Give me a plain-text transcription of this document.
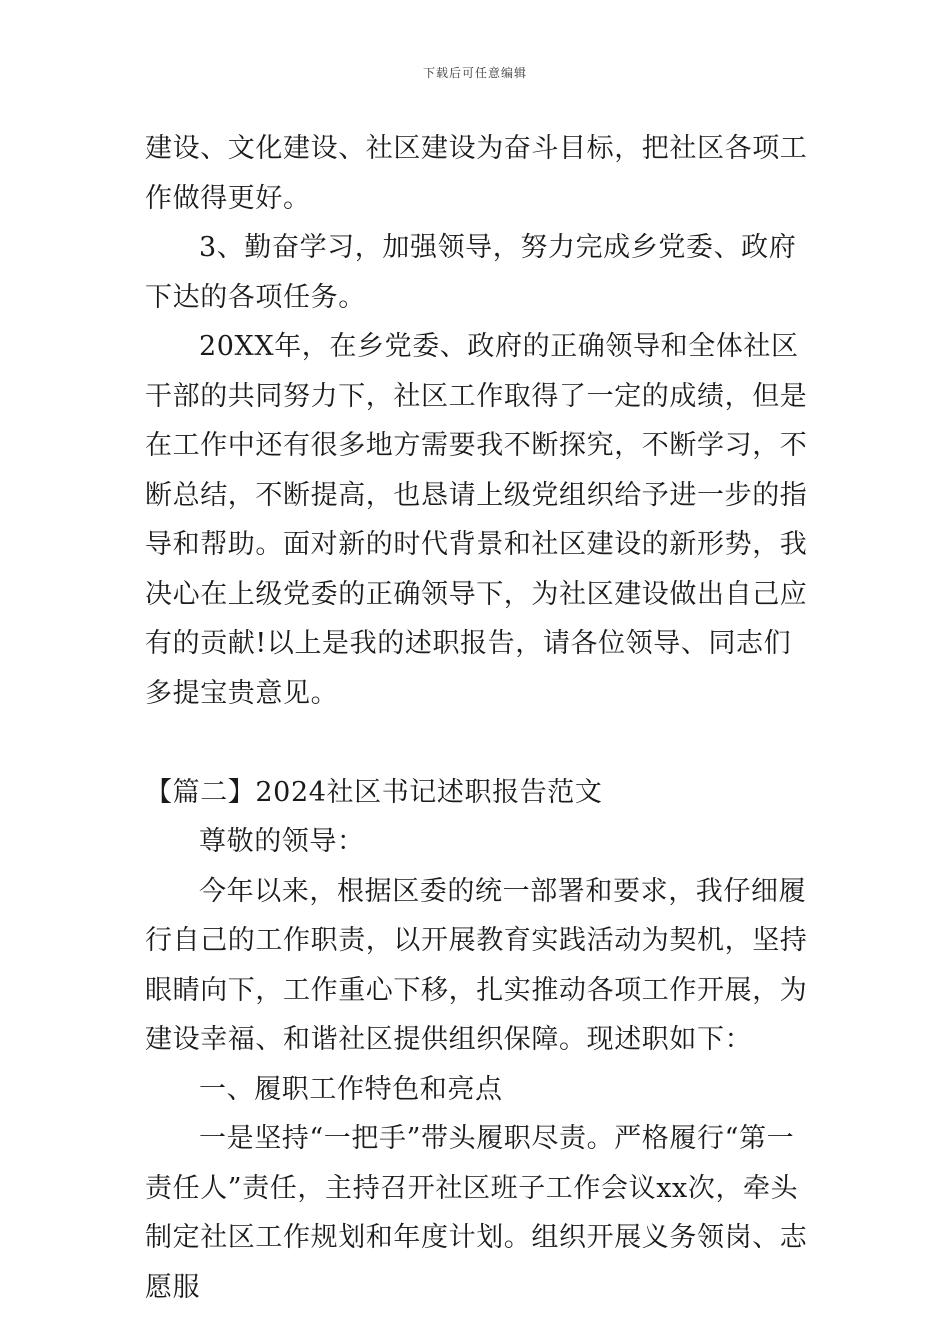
下载后可任意编辑

建设、文化建设、社区建设为奋斗目标，把社区各项工作做得更好。

3、勤奋学习，加强领导，努力完成乡党委、政府下达的各项任务。

20XX年，在乡党委、政府的正确领导和全体社区干部的共同努力下，社区工作取得了一定的成绩，但是在工作中还有很多地方需要我不断探究，不断学习，不断总结，不断提高，也恳请上级党组织给予进一步的指导和帮助。面对新的时代背景和社区建设的新形势，我决心在上级党委的正确领导下，为社区建设做出自己应有的贡献!以上是我的述职报告，请各位领导、同志们多提宝贵意见。

【篇二】2024社区书记述职报告范文

尊敬的领导：

今年以来，根据区委的统一部署和要求，我仔细履行自己的工作职责，以开展教育实践活动为契机，坚持眼睛向下，工作重心下移，扎实推动各项工作开展，为建设幸福、和谐社区提供组织保障。现述职如下：

一、履职工作特色和亮点

一是坚持“一把手”带头履职尽责。严格履行“第一责任人”责任，主持召开社区班子工作会议xx次，牵头制定社区工作规划和年度计划。组织开展义务领岗、志愿服
